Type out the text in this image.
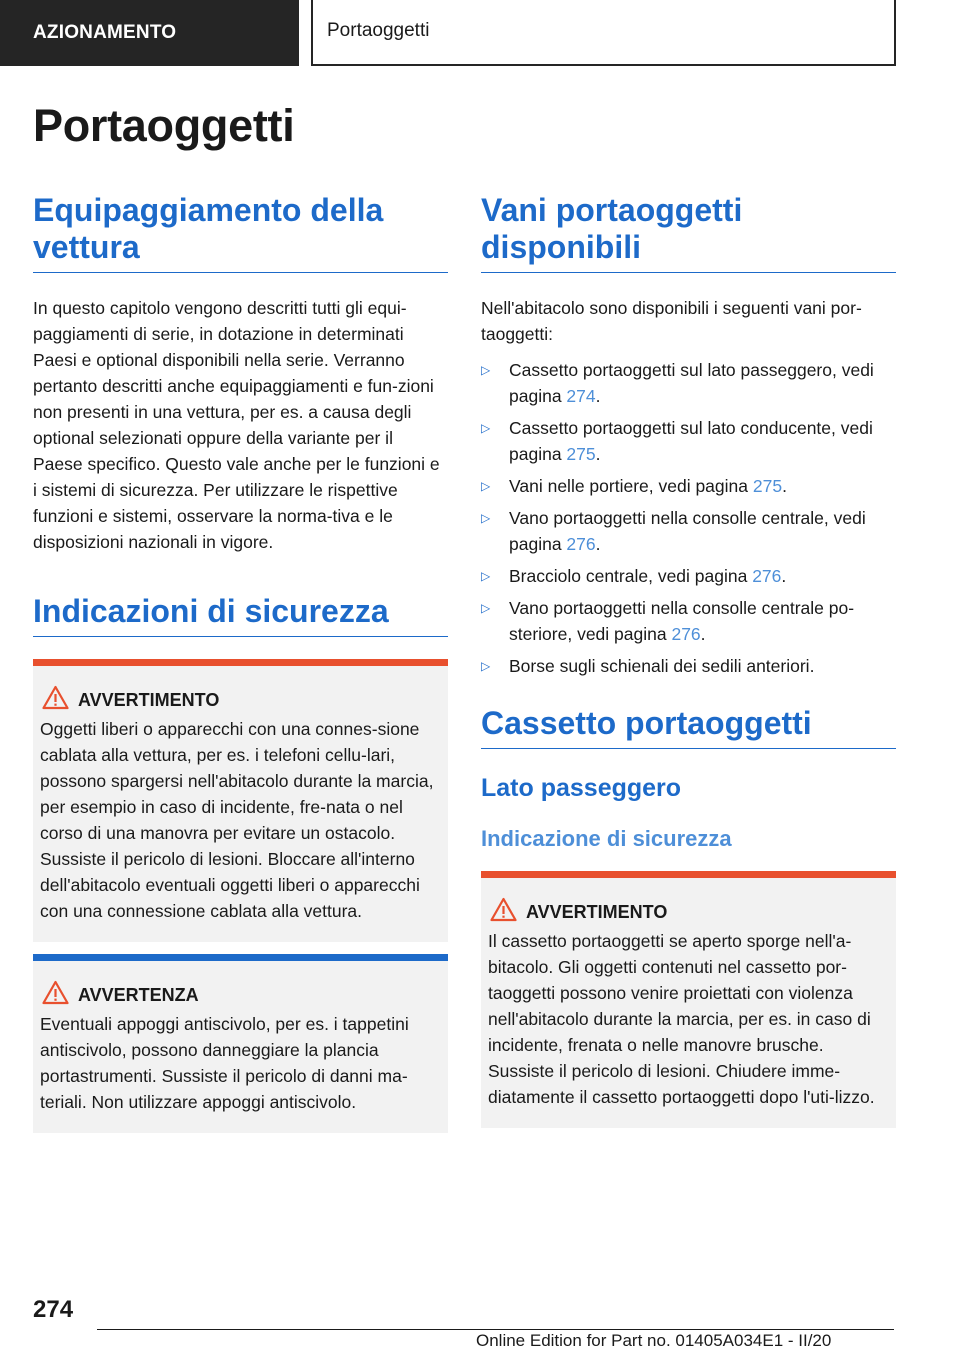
AZIONAMENTO	Portaoggetti
Portaoggetti
Equipaggiamento della vettura

In questo capitolo vengono descritti tutti gli equi-paggiamenti di serie, in dotazione in determinati Paesi e optional disponibili nella serie. Verranno pertanto descritti anche equipaggiamenti e fun-zioni non presenti in una vettura, per es. a causa degli optional selezionati oppure della variante per il Paese specifico. Questo vale anche per le funzioni e i sistemi di sicurezza. Per utilizzare le rispettive funzioni e sistemi, osservare la norma-tiva e le disposizioni nazionali in vigore.

Indicazioni di sicurezza
AVVERTIMENTO

Oggetti liberi o apparecchi con una connes-sione cablata alla vettura, per es. i telefoni cellu-lari, possono spargersi nell'abitacolo durante la marcia, per esempio in caso di incidente, fre-nata o nel corso di una manovra per evitare un ostacolo. Sussiste il pericolo di lesioni. Bloccare all'interno dell'abitacolo eventuali oggetti liberi o apparecchi con una connessione cablata alla vettura.

AVVERTENZA

Eventuali appoggi antiscivolo, per es. i tappetini antiscivolo, possono danneggiare la plancia portastrumenti. Sussiste il pericolo di danni ma-teriali. Non utilizzare appoggi antiscivolo.

Vani portaoggetti disponibili

Nell'abitacolo sono disponibili i seguenti vani por-taoggetti:

▷ Cassetto portaoggetti sul lato passeggero, vedi pagina 274.
▷ Cassetto portaoggetti sul lato conducente, vedi pagina 275.
▷ Vani nelle portiere, vedi pagina 275.
▷ Vano portaoggetti nella consolle centrale, vedi pagina 276.
▷ Bracciolo centrale, vedi pagina 276.
▷ Vano portaoggetti nella consolle centrale po-steriore, vedi pagina 276.
▷ Borse sugli schienali dei sedili anteriori.
Cassetto portaoggetti
Lato passeggero
Indicazione di sicurezza
AVVERTIMENTO

Il cassetto portaoggetti se aperto sporge nell'a-bitacolo. Gli oggetti contenuti nel cassetto por-taoggetti possono venire proiettati con violenza nell'abitacolo durante la marcia, per es. in caso di incidente, frenata o nelle manovre brusche. Sussiste il pericolo di lesioni. Chiudere imme-diatamente il cassetto portaoggetti dopo l'uti-lizzo.

274
Online Edition for Part no. 01405A034E1 - II/20
